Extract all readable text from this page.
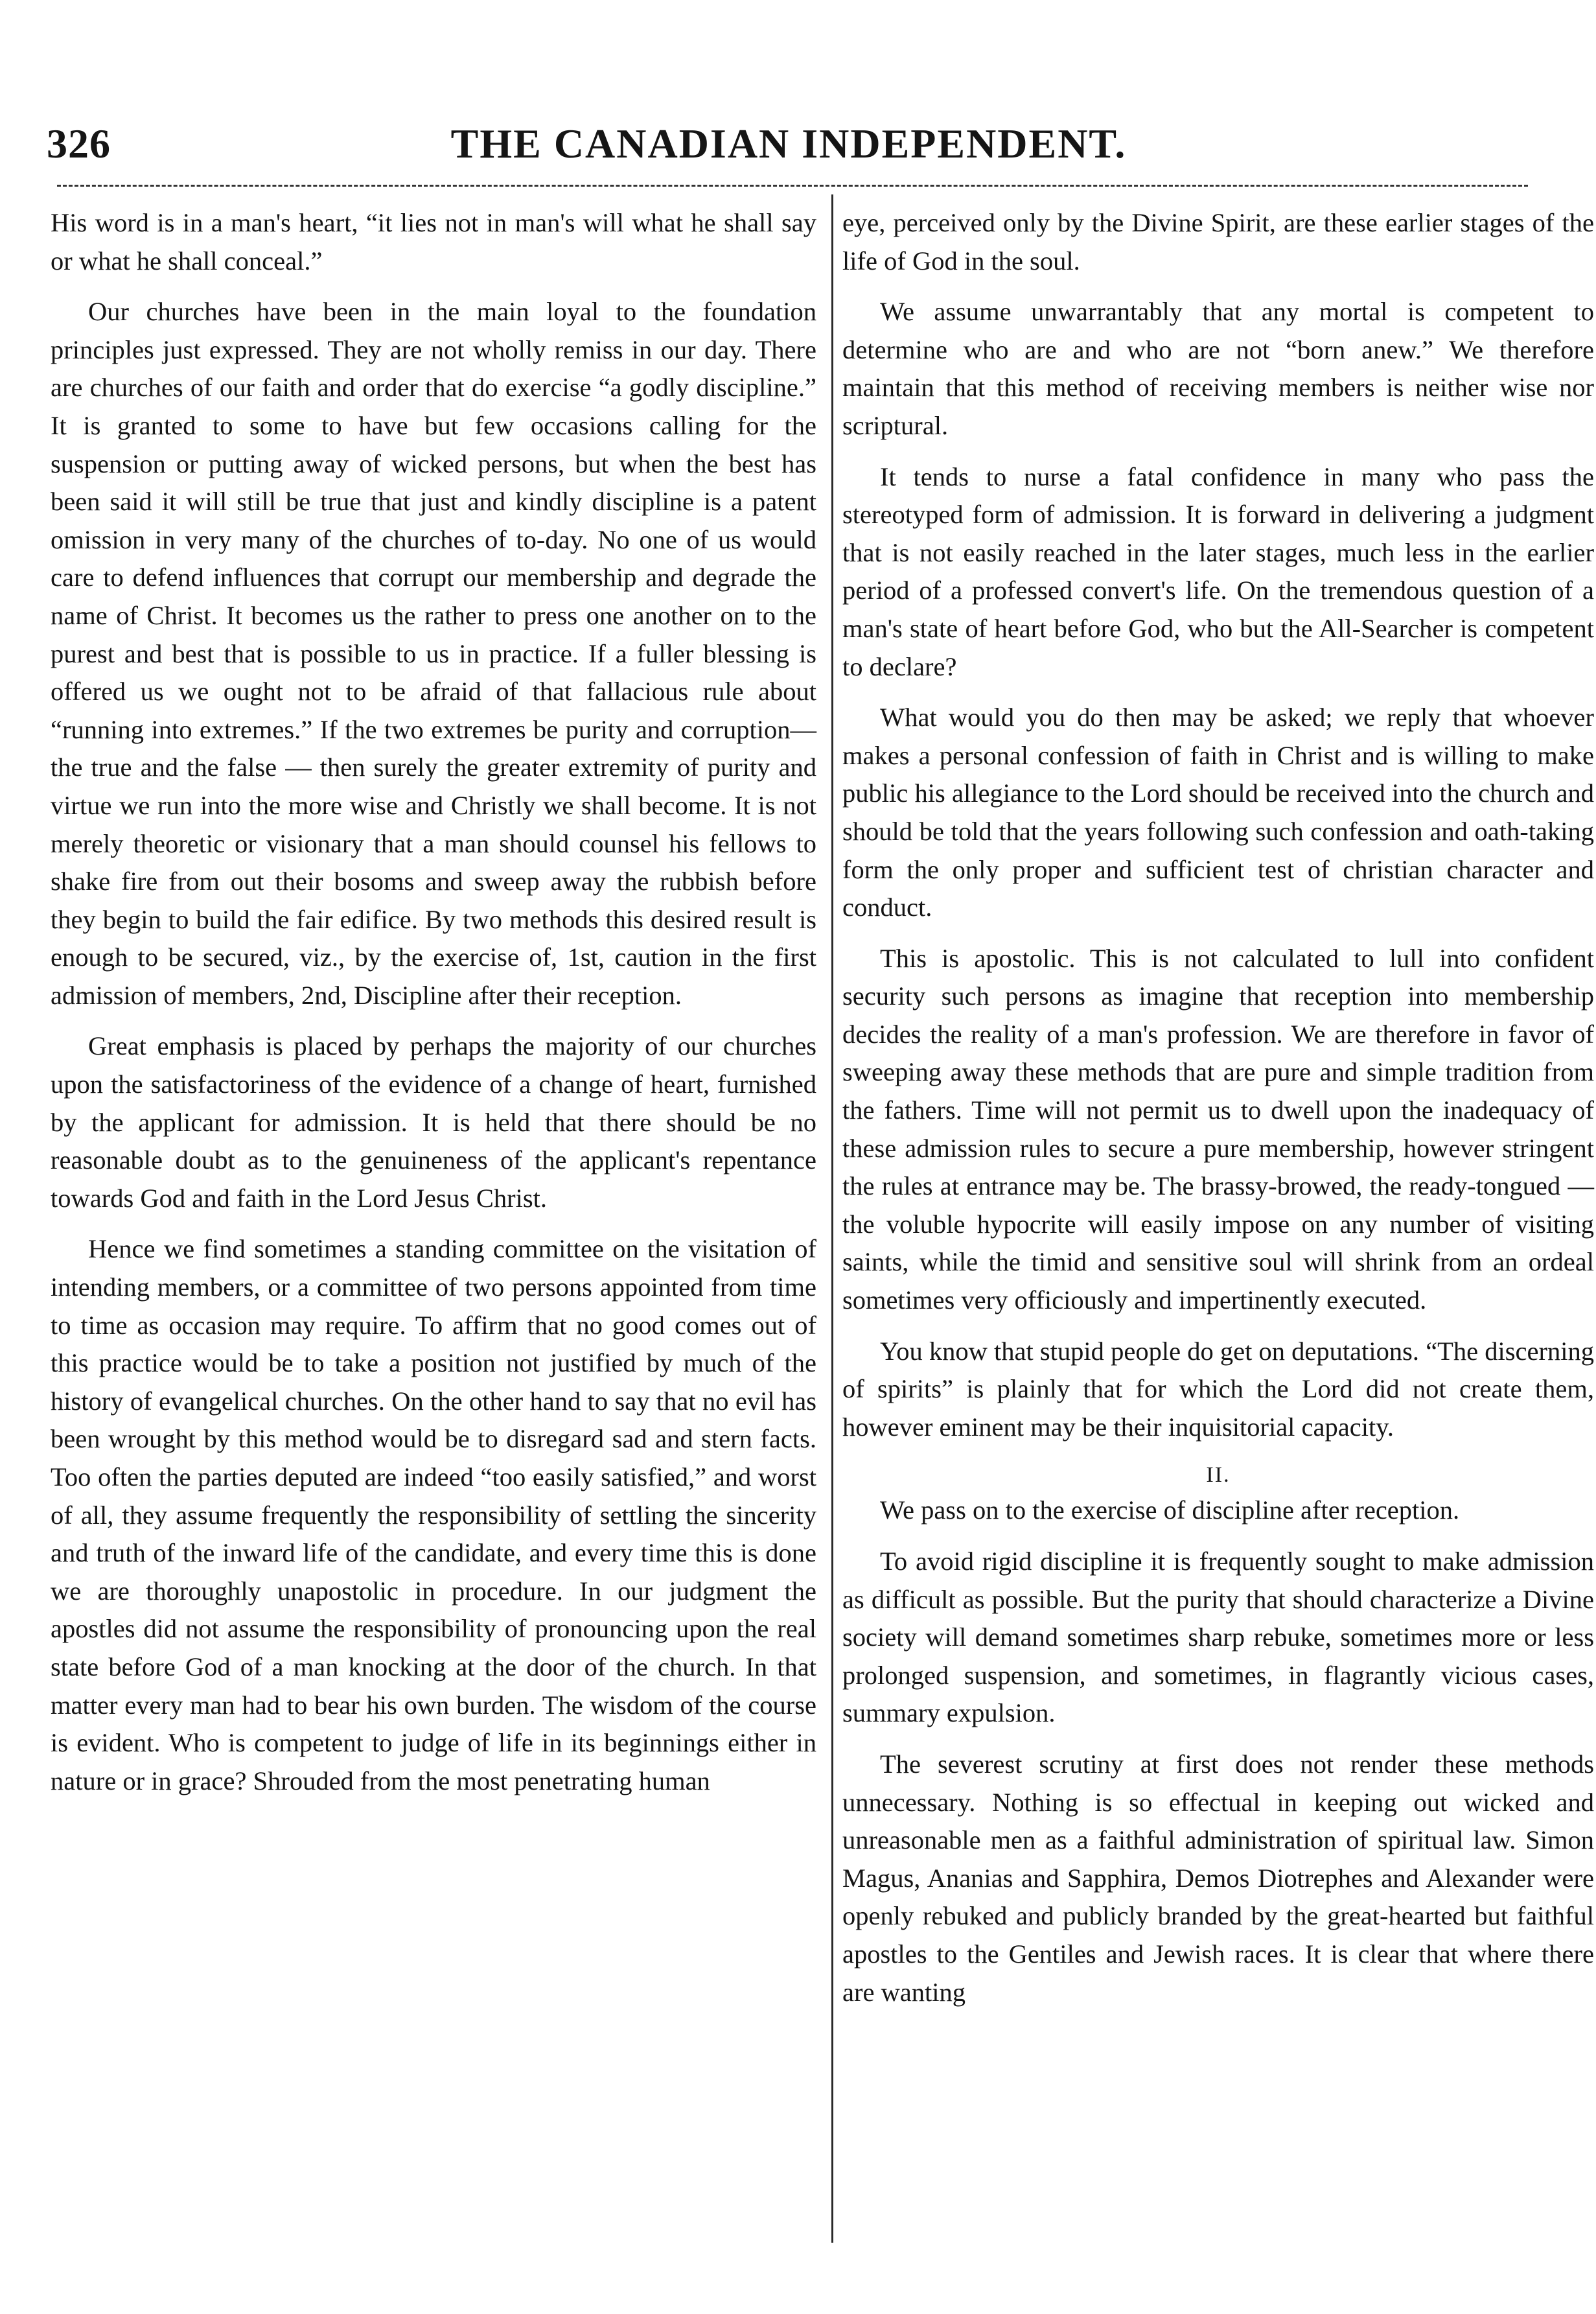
326	THE CANADIAN INDEPENDENT.

His word is in a man's heart, “it lies not in man's will what he shall say or what he shall conceal.”

Our churches have been in the main loyal to the foundation principles just expressed. They are not wholly remiss in our day. There are churches of our faith and order that do exercise “a godly discipline.” It is granted to some to have but few occasions calling for the suspension or putting away of wicked persons, but when the best has been said it will still be true that just and kindly discipline is a patent omission in very many of the churches of to-day. No one of us would care to defend influences that corrupt our membership and degrade the name of Christ. It becomes us the rather to press one another on to the purest and best that is possible to us in practice. If a fuller blessing is offered us we ought not to be afraid of that fallacious rule about “running into extremes.” If the two extremes be purity and corruption—the true and the false — then surely the greater extremity of purity and virtue we run into the more wise and Christly we shall become. It is not merely theoretic or visionary that a man should counsel his fellows to shake fire from out their bosoms and sweep away the rubbish before they begin to build the fair edifice. By two methods this desired result is enough to be secured, viz., by the exercise of, 1st, caution in the first admission of members, 2nd, Discipline after their reception.

Great emphasis is placed by perhaps the majority of our churches upon the satisfactoriness of the evidence of a change of heart, furnished by the applicant for admission. It is held that there should be no reasonable doubt as to the genuineness of the applicant's repentance towards God and faith in the Lord Jesus Christ.

Hence we find sometimes a standing committee on the visitation of intending members, or a committee of two persons appointed from time to time as occasion may require. To affirm that no good comes out of this practice would be to take a position not justified by much of the history of evangelical churches. On the other hand to say that no evil has been wrought by this method would be to disregard sad and stern facts. Too often the parties deputed are indeed “too easily satisfied,” and worst of all, they assume frequently the responsibility of settling the sincerity and truth of the inward life of the candidate, and every time this is done we are thoroughly unapostolic in procedure. In our judgment the apostles did not assume the responsibility of pronouncing upon the real state before God of a man knocking at the door of the church. In that matter every man had to bear his own burden. The wisdom of the course is evident. Who is competent to judge of life in its beginnings either in nature or in grace? Shrouded from the most penetrating human

eye, perceived only by the Divine Spirit, are these earlier stages of the life of God in the soul.

We assume unwarrantably that any mortal is competent to determine who are and who are not “born anew.” We therefore maintain that this method of receiving members is neither wise nor scriptural.

It tends to nurse a fatal confidence in many who pass the stereotyped form of admission. It is forward in delivering a judgment that is not easily reached in the later stages, much less in the earlier period of a professed convert's life. On the tremendous question of a man's state of heart before God, who but the All-Searcher is competent to declare?

What would you do then may be asked; we reply that whoever makes a personal confession of faith in Christ and is willing to make public his allegiance to the Lord should be received into the church and should be told that the years following such confession and oath-taking form the only proper and sufficient test of christian character and conduct.

This is apostolic. This is not calculated to lull into confident security such persons as imagine that reception into membership decides the reality of a man's profession. We are therefore in favor of sweeping away these methods that are pure and simple tradition from the fathers. Time will not permit us to dwell upon the inadequacy of these admission rules to secure a pure membership, however stringent the rules at entrance may be. The brassy-browed, the ready-tongued —the voluble hypocrite will easily impose on any number of visiting saints, while the timid and sensitive soul will shrink from an ordeal sometimes very officiously and impertinently executed.

You know that stupid people do get on deputations. “The discerning of spirits” is plainly that for which the Lord did not create them, however eminent may be their inquisitorial capacity.

II.

We pass on to the exercise of discipline after reception.

To avoid rigid discipline it is frequently sought to make admission as difficult as possible. But the purity that should characterize a Divine society will demand sometimes sharp rebuke, sometimes more or less prolonged suspension, and sometimes, in flagrantly vicious cases, summary expulsion.

The severest scrutiny at first does not render these methods unnecessary. Nothing is so effectual in keeping out wicked and unreasonable men as a faithful administration of spiritual law. Simon Magus, Ananias and Sapphira, Demos Diotrephes and Alexander were openly rebuked and publicly branded by the great-hearted but faithful apostles to the Gentiles and Jewish races. It is clear that where there are wanting
